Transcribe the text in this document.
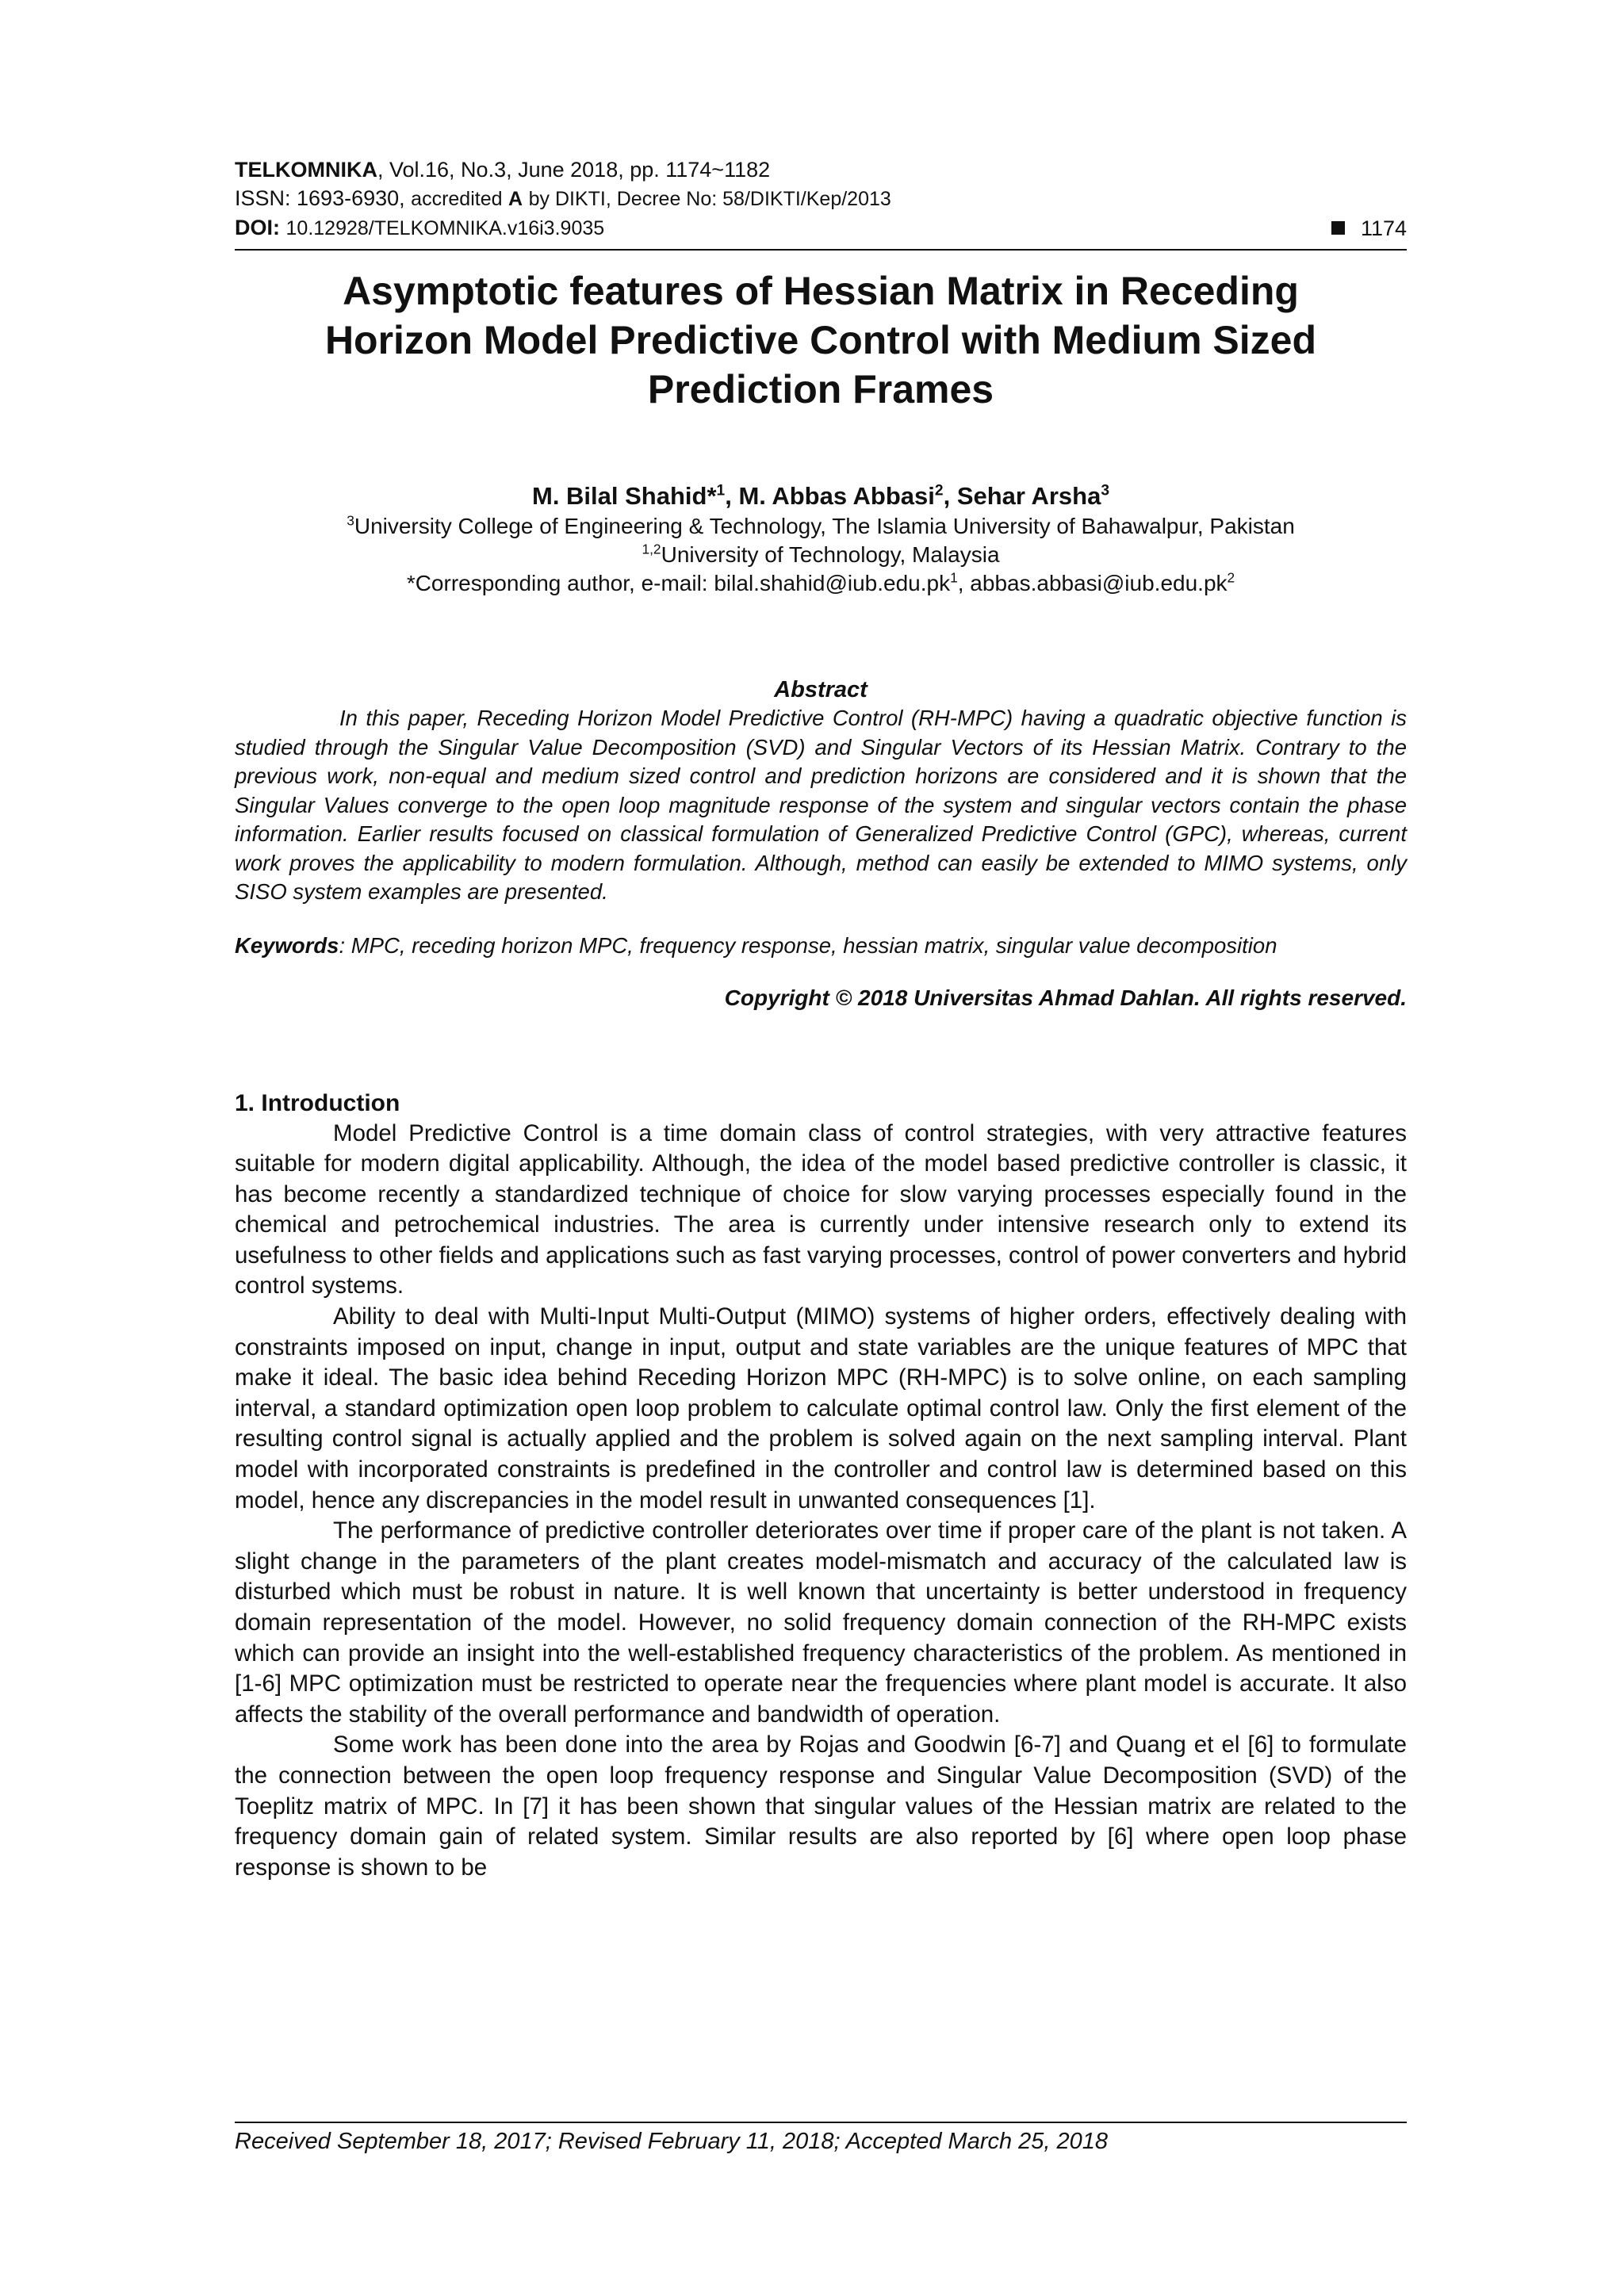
TELKOMNIKA, Vol.16, No.3, June 2018, pp. 1174~1182
ISSN: 1693-6930, accredited A by DIKTI, Decree No: 58/DIKTI/Kep/2013
DOI: 10.12928/TELKOMNIKA.v16i3.9035	1174
Asymptotic features of Hessian Matrix in Receding
Horizon Model Predictive Control with Medium Sized
Prediction Frames
M. Bilal Shahid*$^1$, M. Abbas Abbasi$^2$, Sehar Arsha$^3$
$^3$University College of Engineering & Technology, The Islamia University of Bahawalpur, Pakistan
$^{1,2}$University of Technology, Malaysia
*Corresponding author, e-mail: $bilal.shahid@iub.edu.pk^1$, $abbas.abbasi@iub.edu.pk^2$
Abstract
In this paper, Receding Horizon Model Predictive Control (RH-MPC) having a quadratic objective function is studied through the Singular Value Decomposition (SVD) and Singular Vectors of its Hessian Matrix. Contrary to the previous work, non-equal and medium sized control and prediction horizons are considered and it is shown that the Singular Values converge to the open loop magnitude response of the system and singular vectors contain the phase information. Earlier results focused on classical formulation of Generalized Predictive Control (GPC), whereas, current work proves the applicability to modern formulation. Although, method can easily be extended to MIMO systems, only SISO system examples are presented.
Keywords: MPC, receding horizon MPC, frequency response, hessian matrix, singular value decomposition
Copyright © 2018 Universitas Ahmad Dahlan. All rights reserved.
1. Introduction

Model Predictive Control is a time domain class of control strategies, with very attractive features suitable for modern digital applicability. Although, the idea of the model based predictive controller is classic, it has become recently a standardized technique of choice for slow varying processes especially found in the chemical and petrochemical industries. The area is currently under intensive research only to extend its usefulness to other fields and applications such as fast varying processes, control of power converters and hybrid control systems.

Ability to deal with Multi-Input Multi-Output (MIMO) systems of higher orders, effectively dealing with constraints imposed on input, change in input, output and state variables are the unique features of MPC that make it ideal. The basic idea behind Receding Horizon MPC (RH-MPC) is to solve online, on each sampling interval, a standard optimization open loop problem to calculate optimal control law. Only the first element of the resulting control signal is actually applied and the problem is solved again on the next sampling interval. Plant model with incorporated constraints is predefined in the controller and control law is determined based on this model, hence any discrepancies in the model result in unwanted consequences [1].

The performance of predictive controller deteriorates over time if proper care of the plant is not taken. A slight change in the parameters of the plant creates model-mismatch and accuracy of the calculated law is disturbed which must be robust in nature. It is well known that uncertainty is better understood in frequency domain representation of the model. However, no solid frequency domain connection of the RH-MPC exists which can provide an insight into the well-established frequency characteristics of the problem. As mentioned in [1-6] MPC optimization must be restricted to operate near the frequencies where plant model is accurate. It also affects the stability of the overall performance and bandwidth of operation.

Some work has been done into the area by Rojas and Goodwin [6-7] and Quang et el [6] to formulate the connection between the open loop frequency response and Singular Value Decomposition (SVD) of the Toeplitz matrix of MPC. In [7] it has been shown that singular values of the Hessian matrix are related to the frequency domain gain of related system. Similar results are also reported by [6] where open loop phase response is shown to be

Received September 18, 2017; Revised February 11, 2018; Accepted March 25, 2018
